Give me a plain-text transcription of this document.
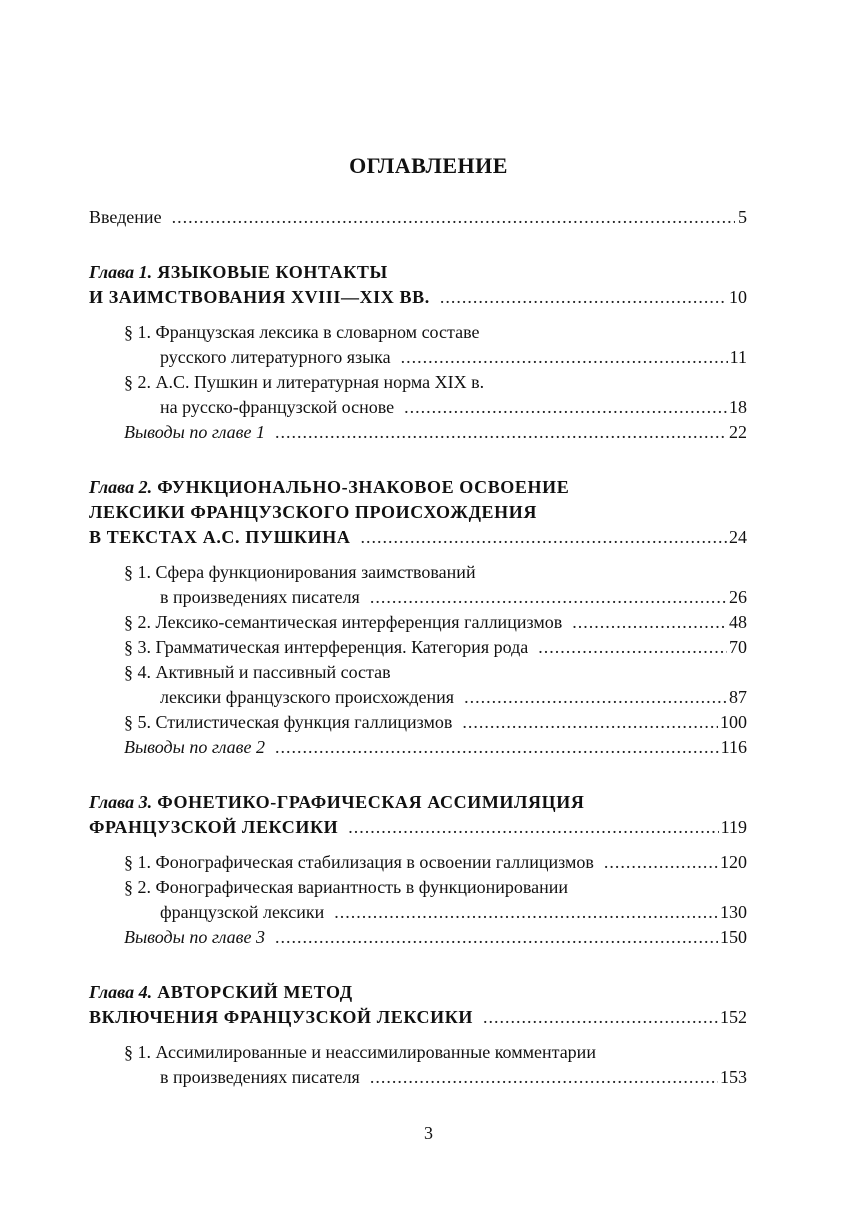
ОГЛАВЛЕНИЕ
Введение .....	5
Глава 1. ЯЗЫКОВЫЕ КОНТАКТЫ
И ЗАИМСТВОВАНИЯ XVIII—XIX ВВ. .....	10
§ 1. Французская лексика в словарном составе
русского литературного языка .....	11
§ 2. А.С. Пушкин и литературная норма XIX в.
на русско-французской основе .....	18
Выводы по главе 1 .....	22
Глава 2. ФУНКЦИОНАЛЬНО-ЗНАКОВОЕ ОСВОЕНИЕ
ЛЕКСИКИ ФРАНЦУЗСКОГО ПРОИСХОЖДЕНИЯ
В ТЕКСТАХ А.С. ПУШКИНА .....	24
§ 1. Сфера функционирования заимствований
в произведениях писателя .....	26
§ 2. Лексико-семантическая интерференция галлицизмов .....	48
§ 3. Грамматическая интерференция. Категория рода .....	70
§ 4. Активный и пассивный состав
лексики французского происхождения .....	87
§ 5. Стилистическая функция галлицизмов .....	100
Выводы по главе 2 .....	116
Глава 3. ФОНЕТИКО-ГРАФИЧЕСКАЯ АССИМИЛЯЦИЯ
ФРАНЦУЗСКОЙ ЛЕКСИКИ .....	119
§ 1. Фонографическая стабилизация в освоении галлицизмов .....	120
§ 2. Фонографическая вариантность в функционировании
французской лексики .....	130
Выводы по главе 3 .....	150
Глава 4. АВТОРСКИЙ МЕТОД
ВКЛЮЧЕНИЯ ФРАНЦУЗСКОЙ ЛЕКСИКИ .....	152
§ 1. Ассимилированные и неассимилированные комментарии
в произведениях писателя .....	153
3
